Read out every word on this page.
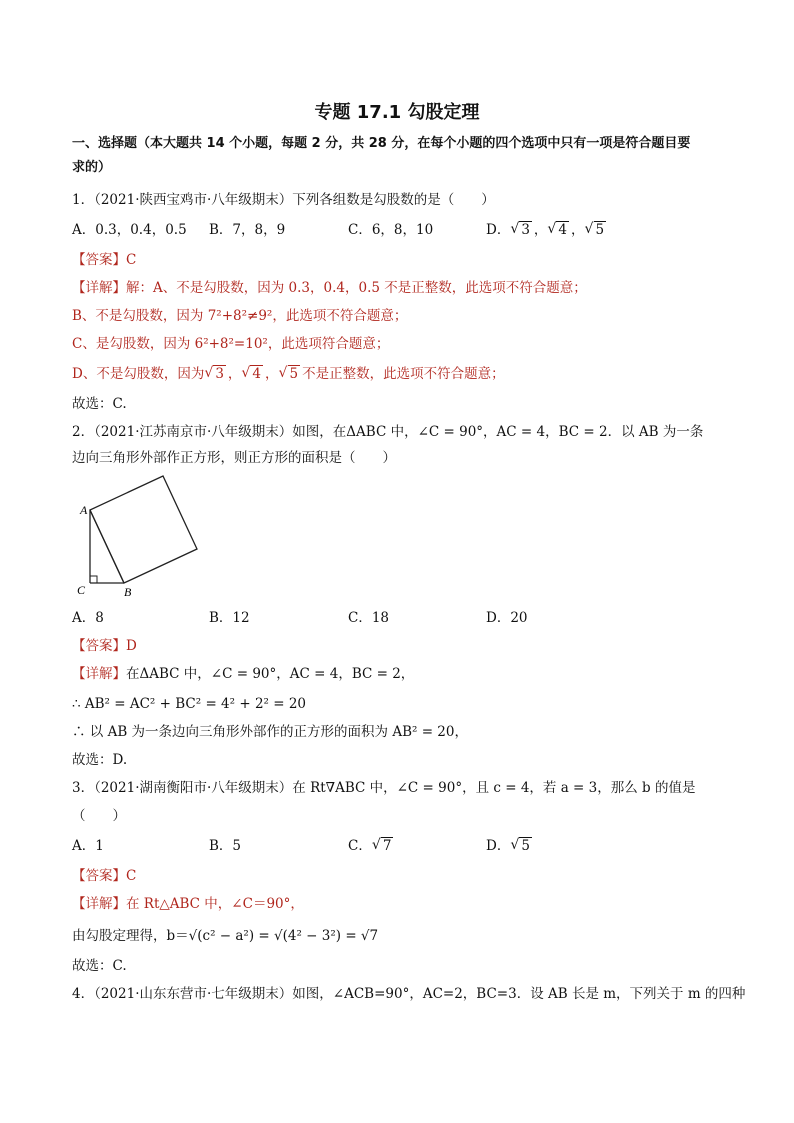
专题 17.1 勾股定理
一、选择题（本大题共 14 个小题，每题 2 分，共 28 分，在每个小题的四个选项中只有一项是符合题目要
求的）
1．（2021·陕西宝鸡市·八年级期末）下列各组数是勾股数的是（　　）
A．0.3，0.4，0.5 B．7，8，9	C．6，8，10	D． √ 3 ， √ 4 ， √ 5
【答案】C
【详解】解：A、不是勾股数，因为 0.3，0.4，0.5 不是正整数，此选项不符合题意；
B、不是勾股数，因为 7²+8²≠9²，此选项不符合题意；
C、是勾股数，因为 6²+8²=10²，此选项符合题意；
D、不是勾股数，因为 √ 3 ， √ 4 ， √ 5 不是正整数，此选项不符合题意；
故选：C.
2．（2021·江苏南京市·八年级期末）如图，在ΔABC 中，∠C = 90°，AC = 4，BC = 2．以 AB 为一条
边向三角形外部作正方形，则正方形的面积是（　　）
A
C	B
A．8	B．12	C．18	D．20
【答案】D
【详解】在ΔABC 中，∠C = 90°，AC = 4，BC = 2，
∴ AB² = AC² + BC² = 4² + 2² = 20
∴ 以 AB 为一条边向三角形外部作的正方形的面积为 AB² = 20，
故选：D.
3．（2021·湖南衡阳市·八年级期末）在 Rt∇ABC 中，∠C = 90°，且 c = 4，若 a = 3，那么 b 的值是
（　　）
A．1	B．5	C． √ 7	D． √ 5
【答案】C
【详解】在 Rt△ABC 中，∠C＝90°，
由勾股定理得，b＝√(c² − a²) = √(4² − 3²) = √7
故选：C.
4．（2021·山东东营市·七年级期末）如图，∠ACB=90°，AC=2，BC=3．设 AB 长是 m，下列关于 m 的四种
